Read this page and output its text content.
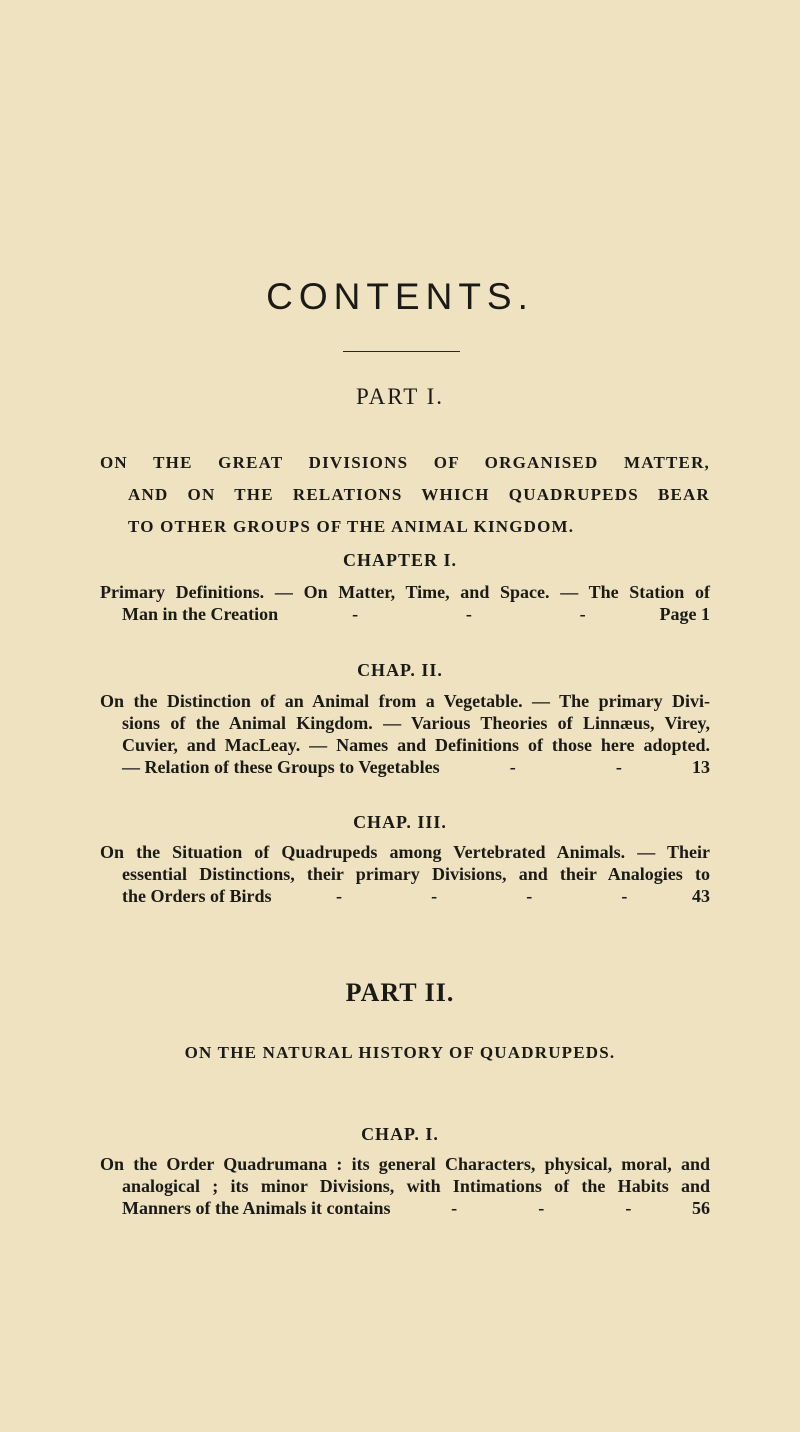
CONTENTS.
PART I.
ON THE GREAT DIVISIONS OF ORGANISED MATTER,
AND ON THE RELATIONS WHICH QUADRUPEDS BEAR
TO OTHER GROUPS OF THE ANIMAL KINGDOM.
CHAPTER I.
Primary Definitions. — On Matter, Time, and Space. — The Station of
Man in the Creation	-	-	-	Page 1
CHAP. II.
On the Distinction of an Animal from a Vegetable. — The primary Divi-
sions of the Animal Kingdom. — Various Theories of Linnæus, Virey,
Cuvier, and MacLeay. — Names and Definitions of those here adopted.
— Relation of these Groups to Vegetables	-	-	13
CHAP. III.
On the Situation of Quadrupeds among Vertebrated Animals. — Their
essential Distinctions, their primary Divisions, and their Analogies to
the Orders of Birds	-	-	-	-	43
PART II.
ON THE NATURAL HISTORY OF QUADRUPEDS.
CHAP. I.
On the Order Quadrumana : its general Characters, physical, moral, and
analogical ; its minor Divisions, with Intimations of the Habits and
Manners of the Animals it contains	-	-	-	56
